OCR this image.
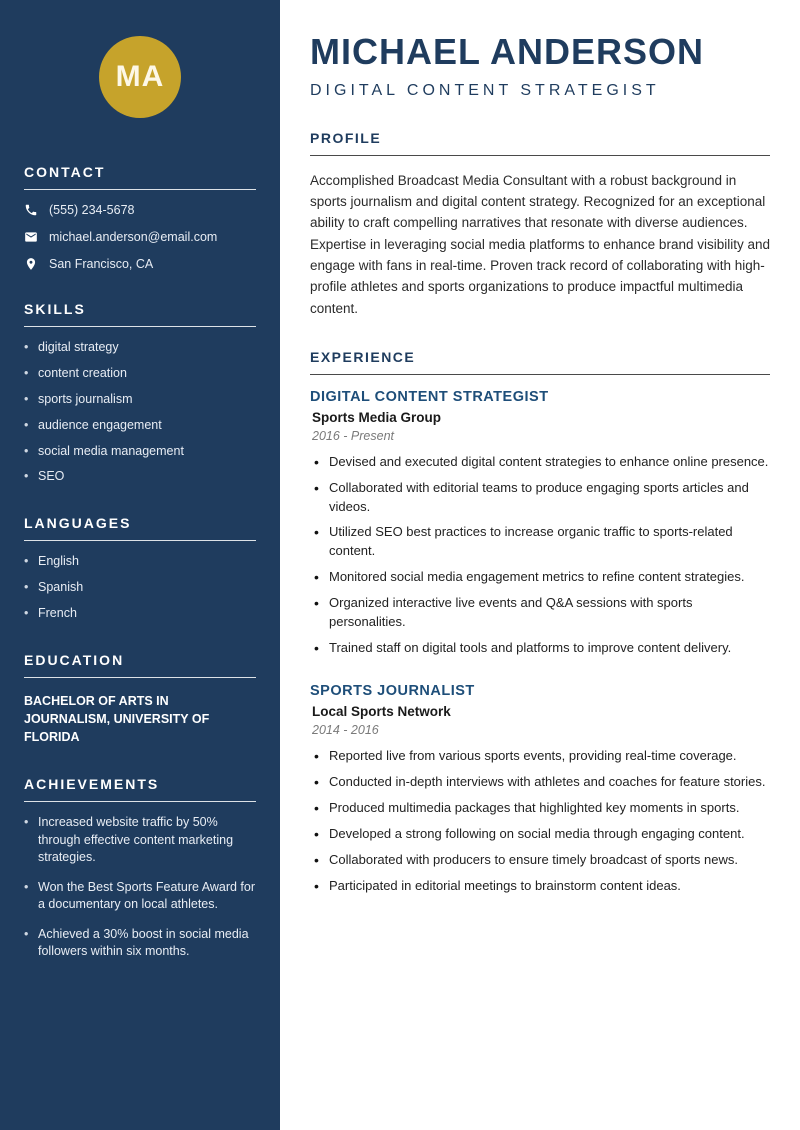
MA
CONTACT
(555) 234-5678
michael.anderson@email.com
San Francisco, CA
SKILLS
• digital strategy
• content creation
• sports journalism
• audience engagement
• social media management
• SEO
LANGUAGES
• English
• Spanish
• French
EDUCATION
BACHELOR OF ARTS IN JOURNALISM, UNIVERSITY OF FLORIDA
ACHIEVEMENTS
• Increased website traffic by 50% through effective content marketing strategies.
• Won the Best Sports Feature Award for a documentary on local athletes.
• Achieved a 30% boost in social media followers within six months.
MICHAEL ANDERSON
DIGITAL CONTENT STRATEGIST
PROFILE

Accomplished Broadcast Media Consultant with a robust background in sports journalism and digital content strategy. Recognized for an exceptional ability to craft compelling narratives that resonate with diverse audiences. Expertise in leveraging social media platforms to enhance brand visibility and engage with fans in real-time. Proven track record of collaborating with high-profile athletes and sports organizations to produce impactful multimedia content.

EXPERIENCE
DIGITAL CONTENT STRATEGIST
Sports Media Group
2016 - Present
• Devised and executed digital content strategies to enhance online presence.
• Collaborated with editorial teams to produce engaging sports articles and videos.
• Utilized SEO best practices to increase organic traffic to sports-related content.
• Monitored social media engagement metrics to refine content strategies.
• Organized interactive live events and Q&A sessions with sports personalities.
• Trained staff on digital tools and platforms to improve content delivery.
SPORTS JOURNALIST
Local Sports Network
2014 - 2016
• Reported live from various sports events, providing real-time coverage.
• Conducted in-depth interviews with athletes and coaches for feature stories.
• Produced multimedia packages that highlighted key moments in sports.
• Developed a strong following on social media through engaging content.
• Collaborated with producers to ensure timely broadcast of sports news.
• Participated in editorial meetings to brainstorm content ideas.
